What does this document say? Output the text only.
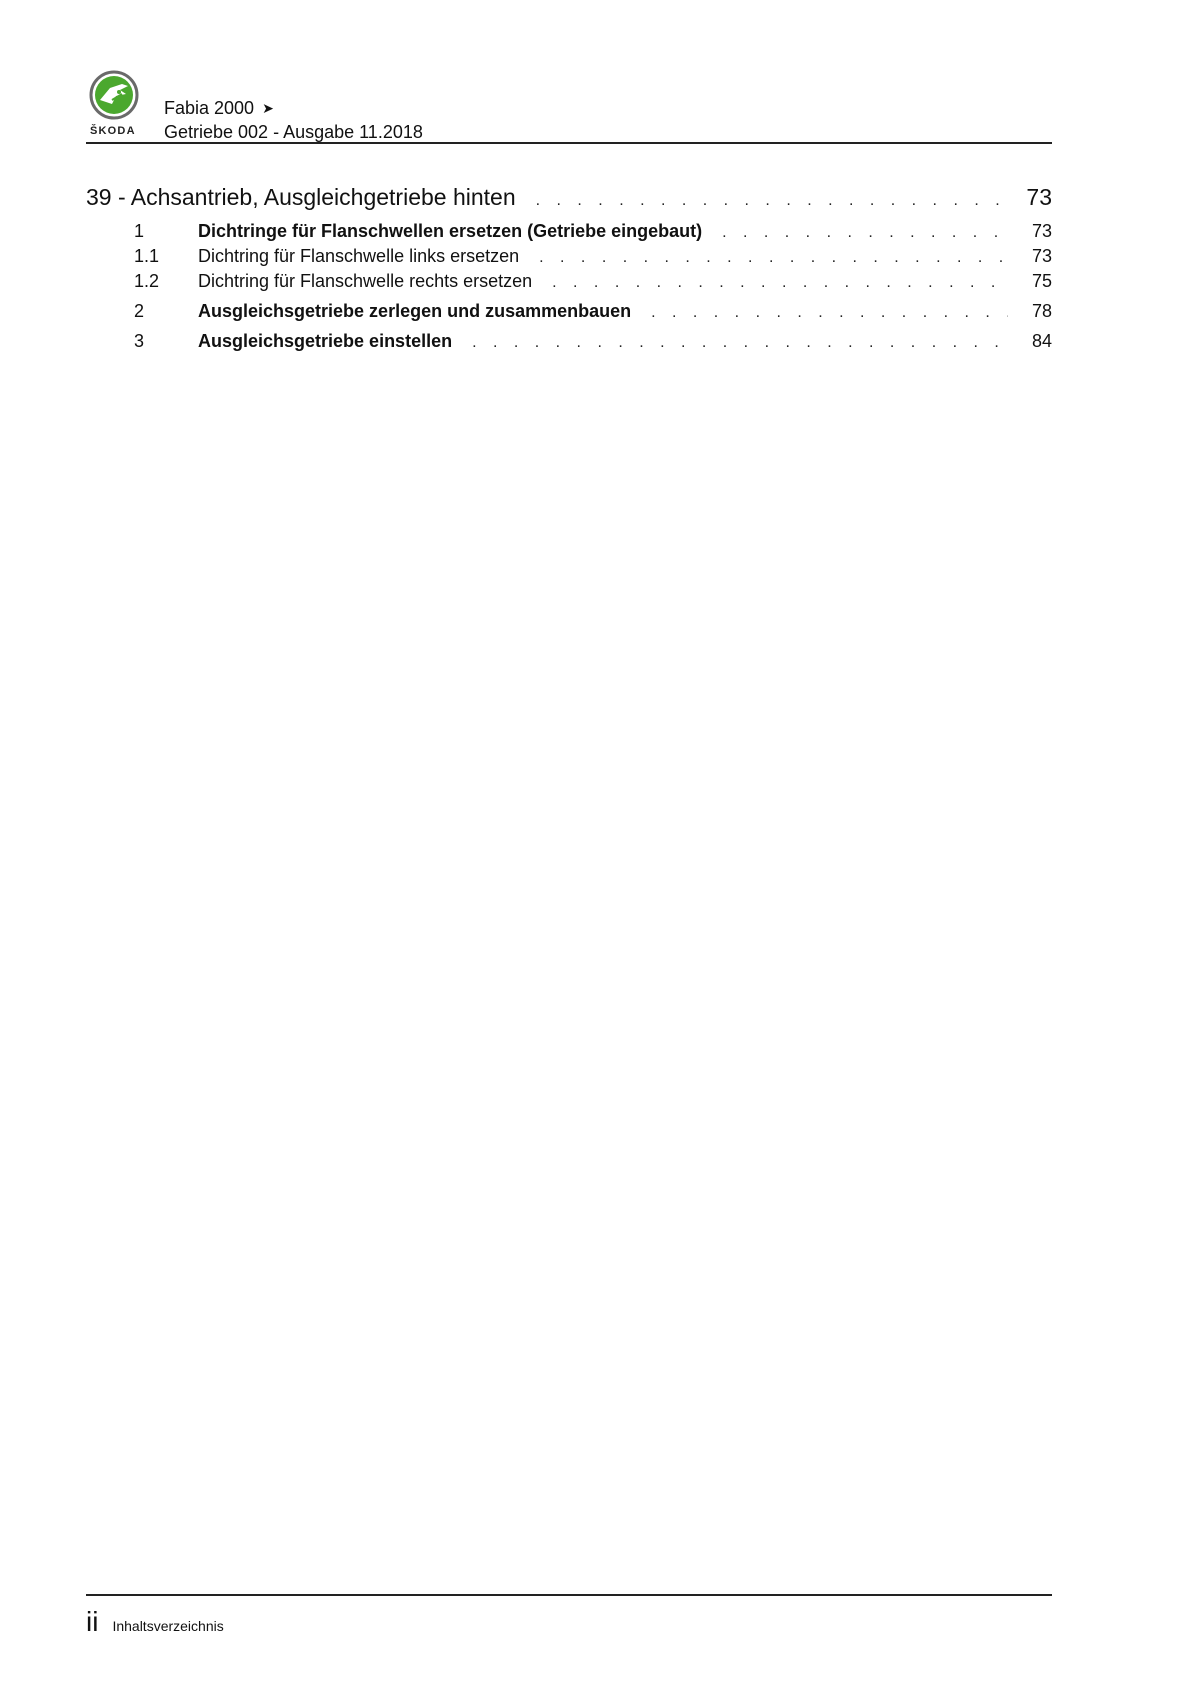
ŠKODA
Fabia 2000 ➤
Getriebe 002 - Ausgabe 11.2018
39 - Achsantrieb, Ausgleichgetriebe hinten . . .	73
1	Dichtringe für Flanschwellen ersetzen (Getriebe eingebaut) . . .	73
1.1	Dichtring für Flanschwelle links ersetzen . . .	73
1.2	Dichtring für Flanschwelle rechts ersetzen . . .	75
2	Ausgleichsgetriebe zerlegen und zusammenbauen . . .	78
3	Ausgleichsgetriebe einstellen . . .	84
ii Inhaltsverzeichnis
